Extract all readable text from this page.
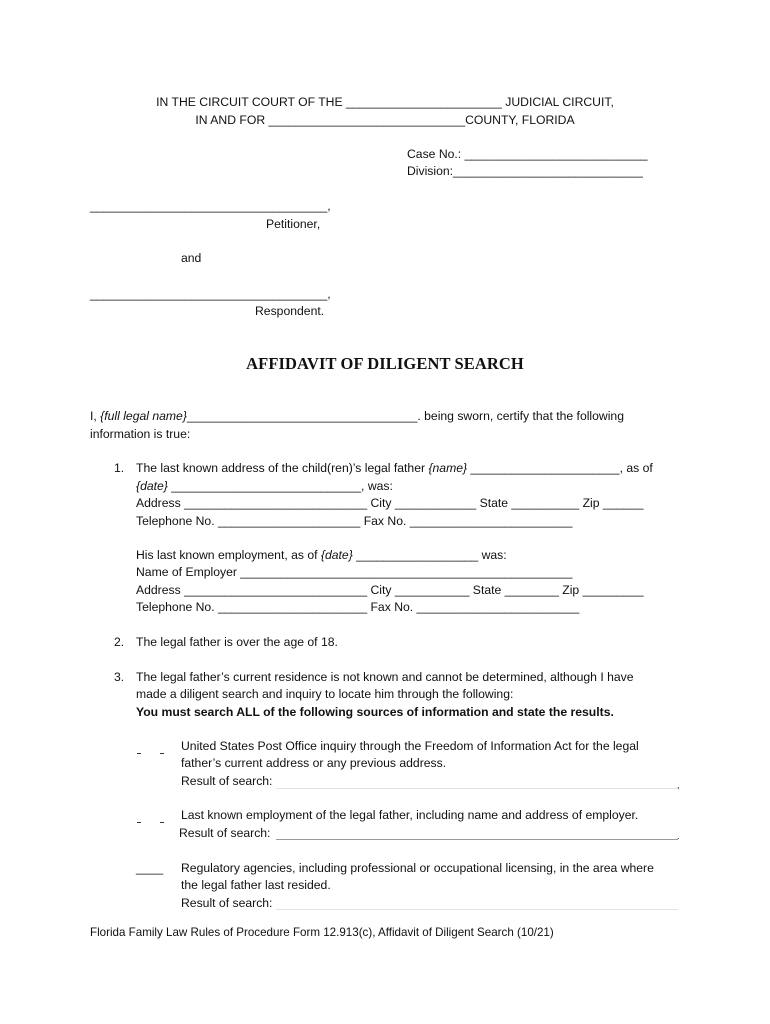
IN THE CIRCUIT COURT OF THE _______________________ JUDICIAL CIRCUIT,
IN AND FOR _____________________________COUNTY, FLORIDA
Case No.: ___________________________
Division:____________________________
___________________________________,
Petitioner,
and
___________________________________,
Respondent.
AFFIDAVIT OF DILIGENT SEARCH
I, {full legal name}__________________________________. being sworn, certify that the following
information is true:
1. The last known address of the child(ren)’s legal father {name} ______________________, as of
{date} ____________________________, was:
Address ___________________________ City ____________ State __________ Zip ______
Telephone No. _____________________ Fax No. ________________________
His last known employment, as of {date} __________________ was:
Name of Employer _________________________________________________
Address ___________________________ City ___________ State ________ Zip _________
Telephone No. ______________________ Fax No. ________________________
2. The legal father is over the age of 18.
3. The legal father’s current residence is not known and cannot be determined, although I have
made a diligent search and inquiry to locate him through the following:
You must search ALL of the following sources of information and state the results.
United States Post Office inquiry through the Freedom of Information Act for the legal
father’s current address or any previous address.
Result of search:	,
Last known employment of the legal father, including name and address of employer.
Result of search:	.
____ Regulatory agencies, including professional or occupational licensing, in the area where
the legal father last resided.
Result of search:
Florida Family Law Rules of Procedure Form 12.913(c), Affidavit of Diligent Search (10/21)
